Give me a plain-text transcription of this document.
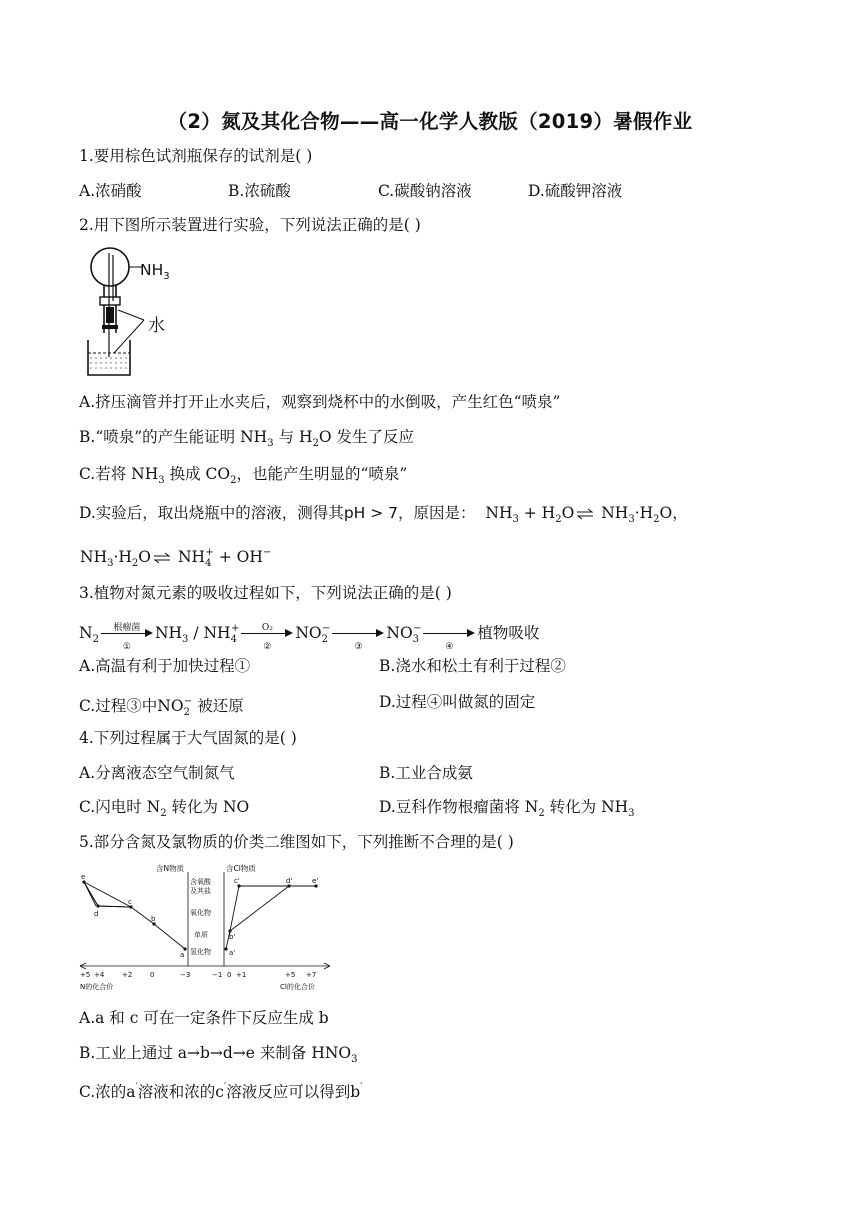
（2）氮及其化合物——高一化学人教版（2019）暑假作业
1.要用棕色试剂瓶保存的试剂是( )
A.浓硝酸	B.浓硫酸	C.碳酸钠溶液	D.硫酸钾溶液
2.用下图所示装置进行实验，下列说法正确的是( )
$NH_3$
水
A.挤压滴管并打开止水夹后，观察到烧杯中的水倒吸，产生红色“喷泉”
B.“喷泉”的产生能证明 $NH_3$ 与 $H_2O$ 发生了反应
C.若将 $NH_3$ 换成 $CO_2$，也能产生明显的“喷泉”
D.实验后，取出烧瓶中的溶液，测得其pH > 7，原因是：  $NH_3 + H_2O$ ⇌ $NH_3\cdot H_2O$，
$NH_3\cdot H_2O$ ⇌ $NH_4^+ + OH^-$
3.植物对氮元素的吸收过程如下，下列说法正确的是( )
$N_2$
根瘤菌
①
$NH_3 / NH_4^+$	O₂
②
$NO_2^-$
③
$NO_3^-$
④
植物吸收
A.高温有利于加快过程①	B.浇水和松土有利于过程②
C.过程③中$NO_2^-$ 被还原	D.过程④叫做氮的固定
4.下列过程属于大气固氮的是( )
A.分离液态空气制氮气	B.工业合成氨
C.闪电时 $N_2$ 转化为 NO	D.豆科作物根瘤菌将 $N_2$ 转化为 $NH_3$
5.部分含氮及氯物质的价类二维图如下，下列推断不合理的是( )
含N物质	含Cl物质
含氧酸
及其盐
氧化物
单质
氢化物
e
d
c
b
a	a'
b'
c'	d'	e'
+5 +4	+2	0	−3	−1 0 +1	+5 +7
N的化合价	Cl的化合价
A.a 和 c 可在一定条件下反应生成 b
B.工业上通过 a→b→d→e 来制备 $HNO_3$
C.浓的a′溶液和浓的c′溶液反应可以得到b′
